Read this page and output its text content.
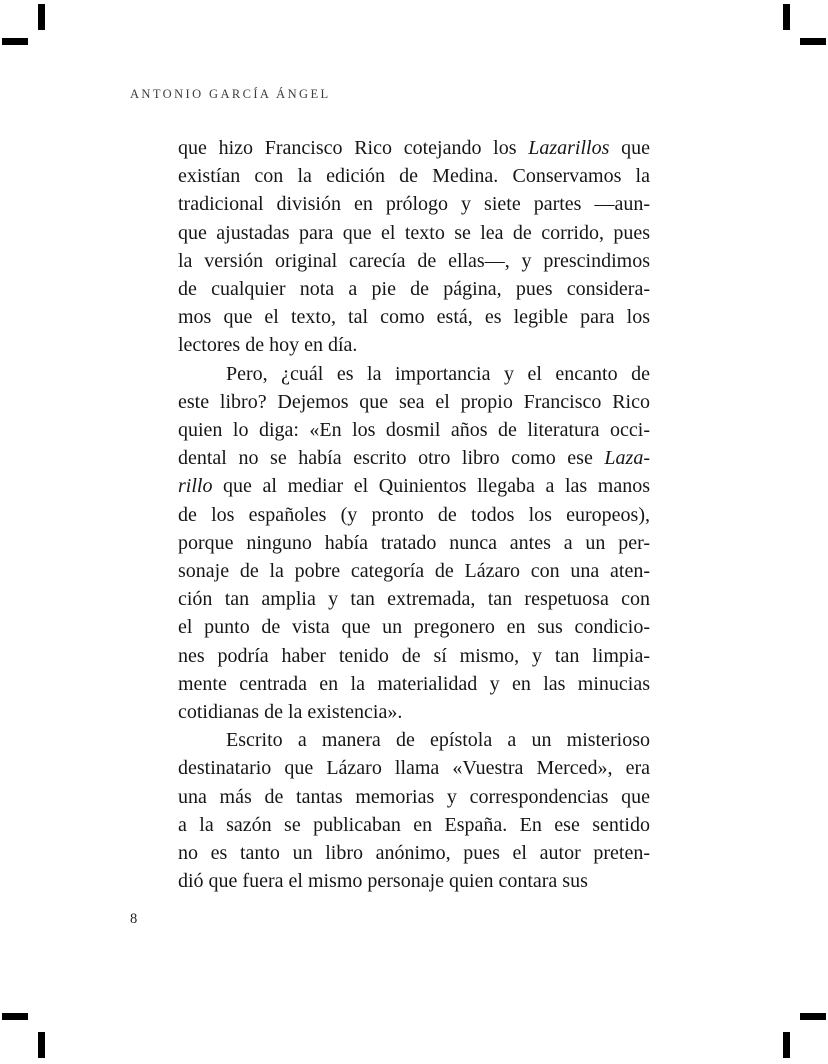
ANTONIO GARCÍA ÁNGEL
que hizo Francisco Rico cotejando los Lazarillos que
existían con la edición de Medina. Conservamos la
tradicional división en prólogo y siete partes —aun-
que ajustadas para que el texto se lea de corrido, pues
la versión original carecía de ellas—, y prescindimos
de cualquier nota a pie de página, pues considera-
mos que el texto, tal como está, es legible para los
lectores de hoy en día.
Pero, ¿cuál es la importancia y el encanto de
este libro? Dejemos que sea el propio Francisco Rico
quien lo diga: «En los dosmil años de literatura occi-
dental no se había escrito otro libro como ese Laza-
rillo que al mediar el Quinientos llegaba a las manos
de los españoles (y pronto de todos los europeos),
porque ninguno había tratado nunca antes a un per-
sonaje de la pobre categoría de Lázaro con una aten-
ción tan amplia y tan extremada, tan respetuosa con
el punto de vista que un pregonero en sus condicio-
nes podría haber tenido de sí mismo, y tan limpia-
mente centrada en la materialidad y en las minucias
cotidianas de la existencia».
Escrito a manera de epístola a un misterioso
destinatario que Lázaro llama «Vuestra Merced», era
una más de tantas memorias y correspondencias que
a la sazón se publicaban en España. En ese sentido
no es tanto un libro anónimo, pues el autor preten-
dió que fuera el mismo personaje quien contara sus
8
